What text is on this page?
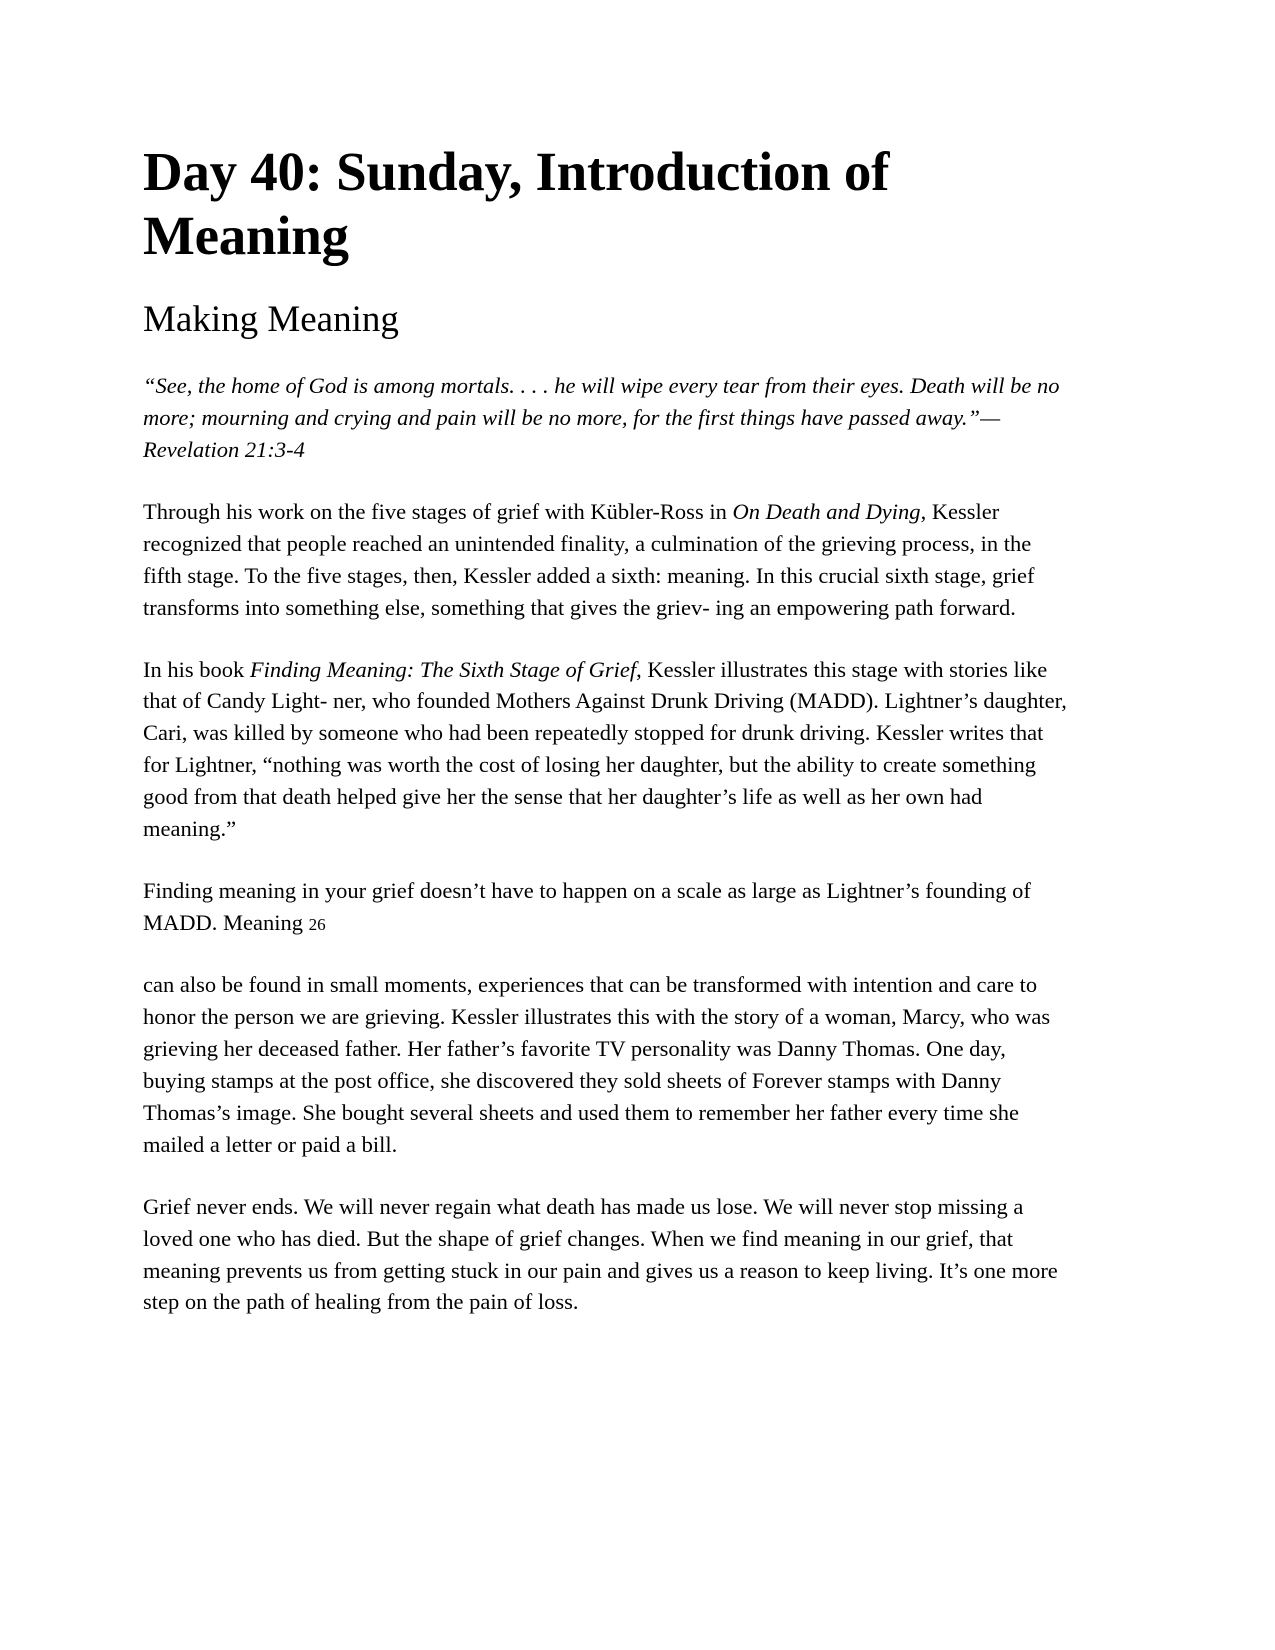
Day 40: Sunday, Introduction of Meaning
Making Meaning

“See, the home of God is among mortals. . . . he will wipe every tear from their eyes. Death will be no more; mourning and crying and pain will be no more, for the first things have passed away.”—Revelation 21:3-4

Through his work on the five stages of grief with Kübler-Ross in On Death and Dying, Kessler recognized that people reached an unintended finality, a culmination of the grieving process, in the fifth stage. To the five stages, then, Kessler added a sixth: meaning. In this crucial sixth stage, grief transforms into something else, something that gives the griev- ing an empowering path forward.

In his book Finding Meaning: The Sixth Stage of Grief, Kessler illustrates this stage with stories like that of Candy Light- ner, who founded Mothers Against Drunk Driving (MADD). Lightner’s daughter, Cari, was killed by someone who had been repeatedly stopped for drunk driving. Kessler writes that for Lightner, “nothing was worth the cost of losing her daughter, but the ability to create something good from that death helped give her the sense that her daughter’s life as well as her own had meaning.”

Finding meaning in your grief doesn’t have to happen on a scale as large as Lightner’s founding of MADD. Meaning 26

can also be found in small moments, experiences that can be transformed with intention and care to honor the person we are grieving. Kessler illustrates this with the story of a woman, Marcy, who was grieving her deceased father. Her father’s favorite TV personality was Danny Thomas. One day, buying stamps at the post office, she discovered they sold sheets of Forever stamps with Danny Thomas’s image. She bought several sheets and used them to remember her father every time she mailed a letter or paid a bill.

Grief never ends. We will never regain what death has made us lose. We will never stop missing a loved one who has died. But the shape of grief changes. When we find meaning in our grief, that meaning prevents us from getting stuck in our pain and gives us a reason to keep living. It’s one more step on the path of healing from the pain of loss.
